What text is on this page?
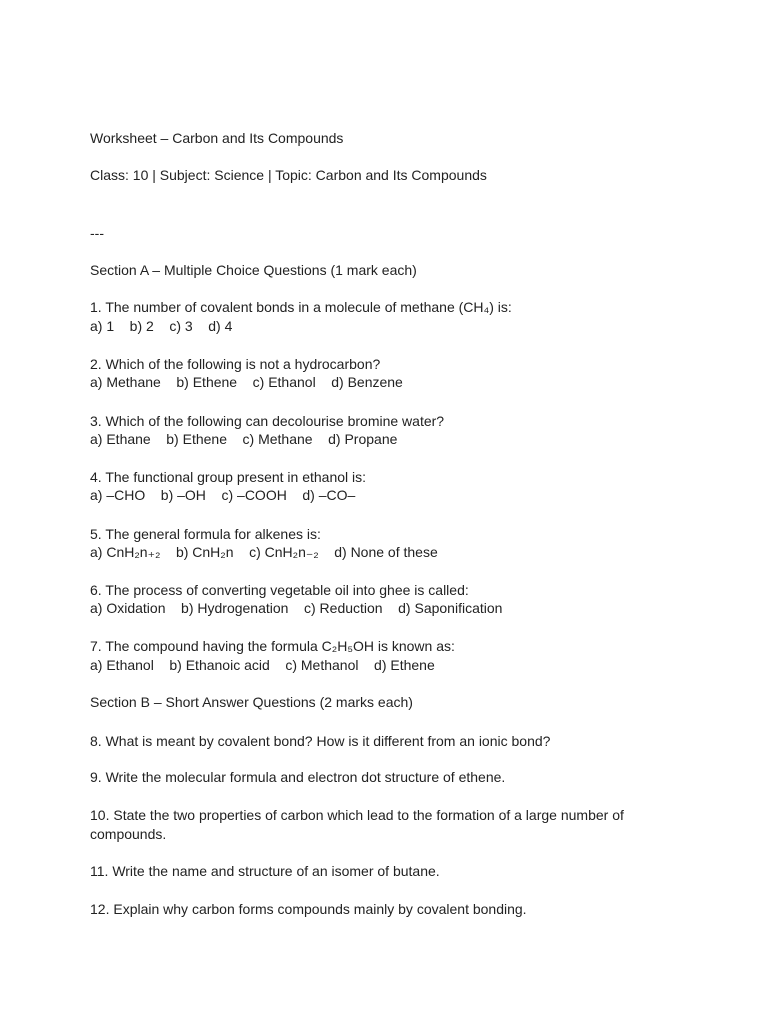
Worksheet – Carbon and Its Compounds
Class: 10 | Subject: Science | Topic: Carbon and Its Compounds
---
Section A – Multiple Choice Questions (1 mark each)
1. The number of covalent bonds in a molecule of methane (CH₄) is:
a) 1    b) 2    c) 3    d) 4
2. Which of the following is not a hydrocarbon?
a) Methane    b) Ethene    c) Ethanol    d) Benzene
3. Which of the following can decolourise bromine water?
a) Ethane    b) Ethene    c) Methane    d) Propane
4. The functional group present in ethanol is:
a) –CHO    b) –OH    c) –COOH    d) –CO–
5. The general formula for alkenes is:
a) CnH₂n₊₂    b) CnH₂n    c) CnH₂n₋₂    d) None of these
6. The process of converting vegetable oil into ghee is called:
a) Oxidation    b) Hydrogenation    c) Reduction    d) Saponification
7. The compound having the formula C₂H₅OH is known as:
a) Ethanol    b) Ethanoic acid    c) Methanol    d) Ethene
Section B – Short Answer Questions (2 marks each)
8. What is meant by covalent bond? How is it different from an ionic bond?
9. Write the molecular formula and electron dot structure of ethene.
10. State the two properties of carbon which lead to the formation of a large number of compounds.
11. Write the name and structure of an isomer of butane.
12. Explain why carbon forms compounds mainly by covalent bonding.
